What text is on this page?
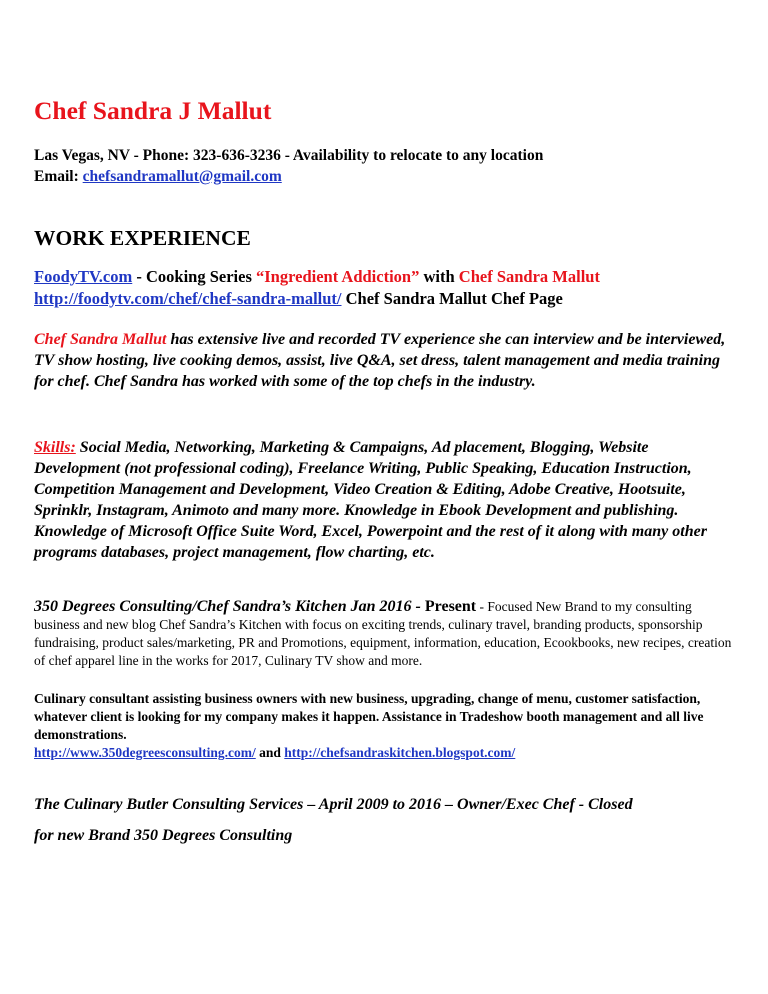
Chef Sandra J Mallut
Las Vegas, NV - Phone: 323-636-3236 - Availability to relocate to any location
Email: chefsandramallut@gmail.com
WORK EXPERIENCE
FoodyTV.com - Cooking Series “Ingredient Addiction” with Chef Sandra Mallut
http://foodytv.com/chef/chef-sandra-mallut/ Chef Sandra Mallut Chef Page

Chef Sandra Mallut has extensive live and recorded TV experience she can interview and be interviewed, TV show hosting, live cooking demos, assist, live Q&A, set dress, talent management and media training for chef. Chef Sandra has worked with some of the top chefs in the industry.

Skills: Social Media, Networking, Marketing & Campaigns, Ad placement, Blogging, Website Development (not professional coding), Freelance Writing, Public Speaking, Education Instruction, Competition Management and Development, Video Creation & Editing, Adobe Creative, Hootsuite, Sprinklr, Instagram, Animoto and many more. Knowledge in Ebook Development and publishing. Knowledge of Microsoft Office Suite Word, Excel, Powerpoint and the rest of it along with many other programs databases, project management, flow charting, etc.

350 Degrees Consulting/Chef Sandra’s Kitchen Jan 2016 - Present - Focused New Brand to my consulting business and new blog Chef Sandra’s Kitchen with focus on exciting trends, culinary travel, branding products, sponsorship fundraising, product sales/marketing, PR and Promotions, equipment, information, education, Ecookbooks, new recipes, creation of chef apparel line in the works for 2017, Culinary TV show and more.

Culinary consultant assisting business owners with new business, upgrading, change of menu, customer satisfaction, whatever client is looking for my company makes it happen. Assistance in Tradeshow booth management and all live demonstrations.
http://www.350degreesconsulting.com/ and http://chefsandraskitchen.blogspot.com/

The Culinary Butler Consulting Services – April 2009 to 2016 – Owner/Exec Chef - Closed
for new Brand 350 Degrees Consulting
